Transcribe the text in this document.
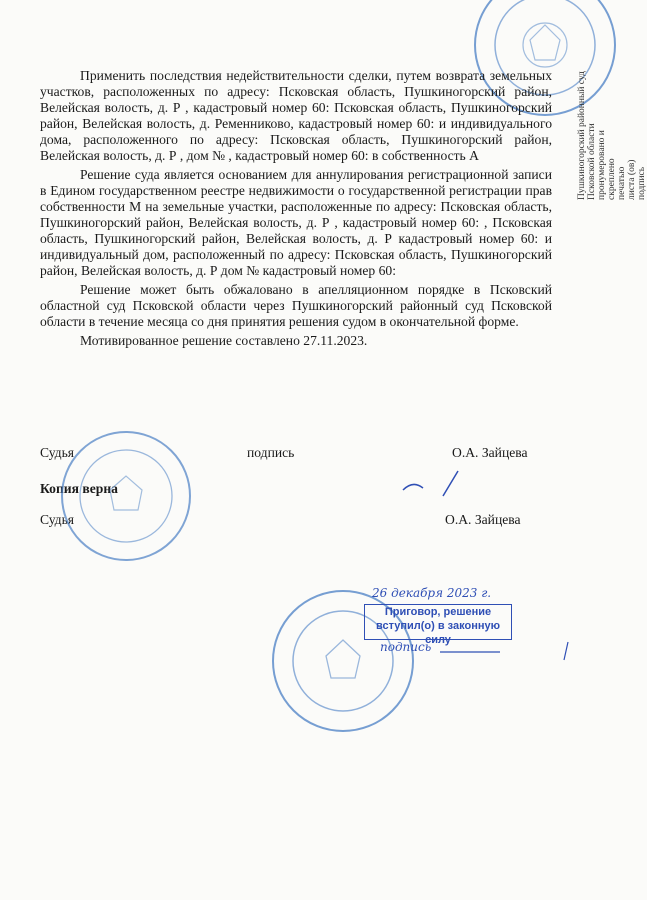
Пушкиногорский районный суд Псковской области пронумеровано и скреплено печатью листа (ов) подпись

Применить последствия недействительности сделки, путем возврата земельных участков, расположенных по адресу: Псковская область, Пушкиногорский район, Велейская волость, д. Р , кадастровый номер 60: Псковская область, Пушкиногорский район, Велейская волость, д. Ременниково, кадастровый номер 60: и индивидуального дома, расположенного по адресу: Псковская область, Пушкиногорский район, Велейская волость, д. Р , дом № , кадастровый номер 60: в собственность А

Решение суда является основанием для аннулирования регистрационной записи в Едином государственном реестре недвижимости о государственной регистрации прав собственности М на земельные участки, расположенные по адресу: Псковская область, Пушкиногорский район, Велейская волость, д. Р , кадастровый номер 60: , Псковская область, Пушкиногорский район, Велейская волость, д. Р кадастровый номер 60: и индивидуальный дом, расположенный по адресу: Псковская область, Пушкиногорский район, Велейская волость, д. Р дом № кадастровый номер 60:

Решение может быть обжаловано в апелляционном порядке в Псковский областной суд Псковской области через Пушкиногорский районный суд Псковской области в течение месяца со дня принятия решения судом в окончательной форме.

Мотивированное решение составлено 27.11.2023.

Судья	подпись	О.А. Зайцева
Копия верна
Судья	О.А. Зайцева
26 декабря 2023 г.
Приговор, решение
вступил(о) в законную силу
подпись
